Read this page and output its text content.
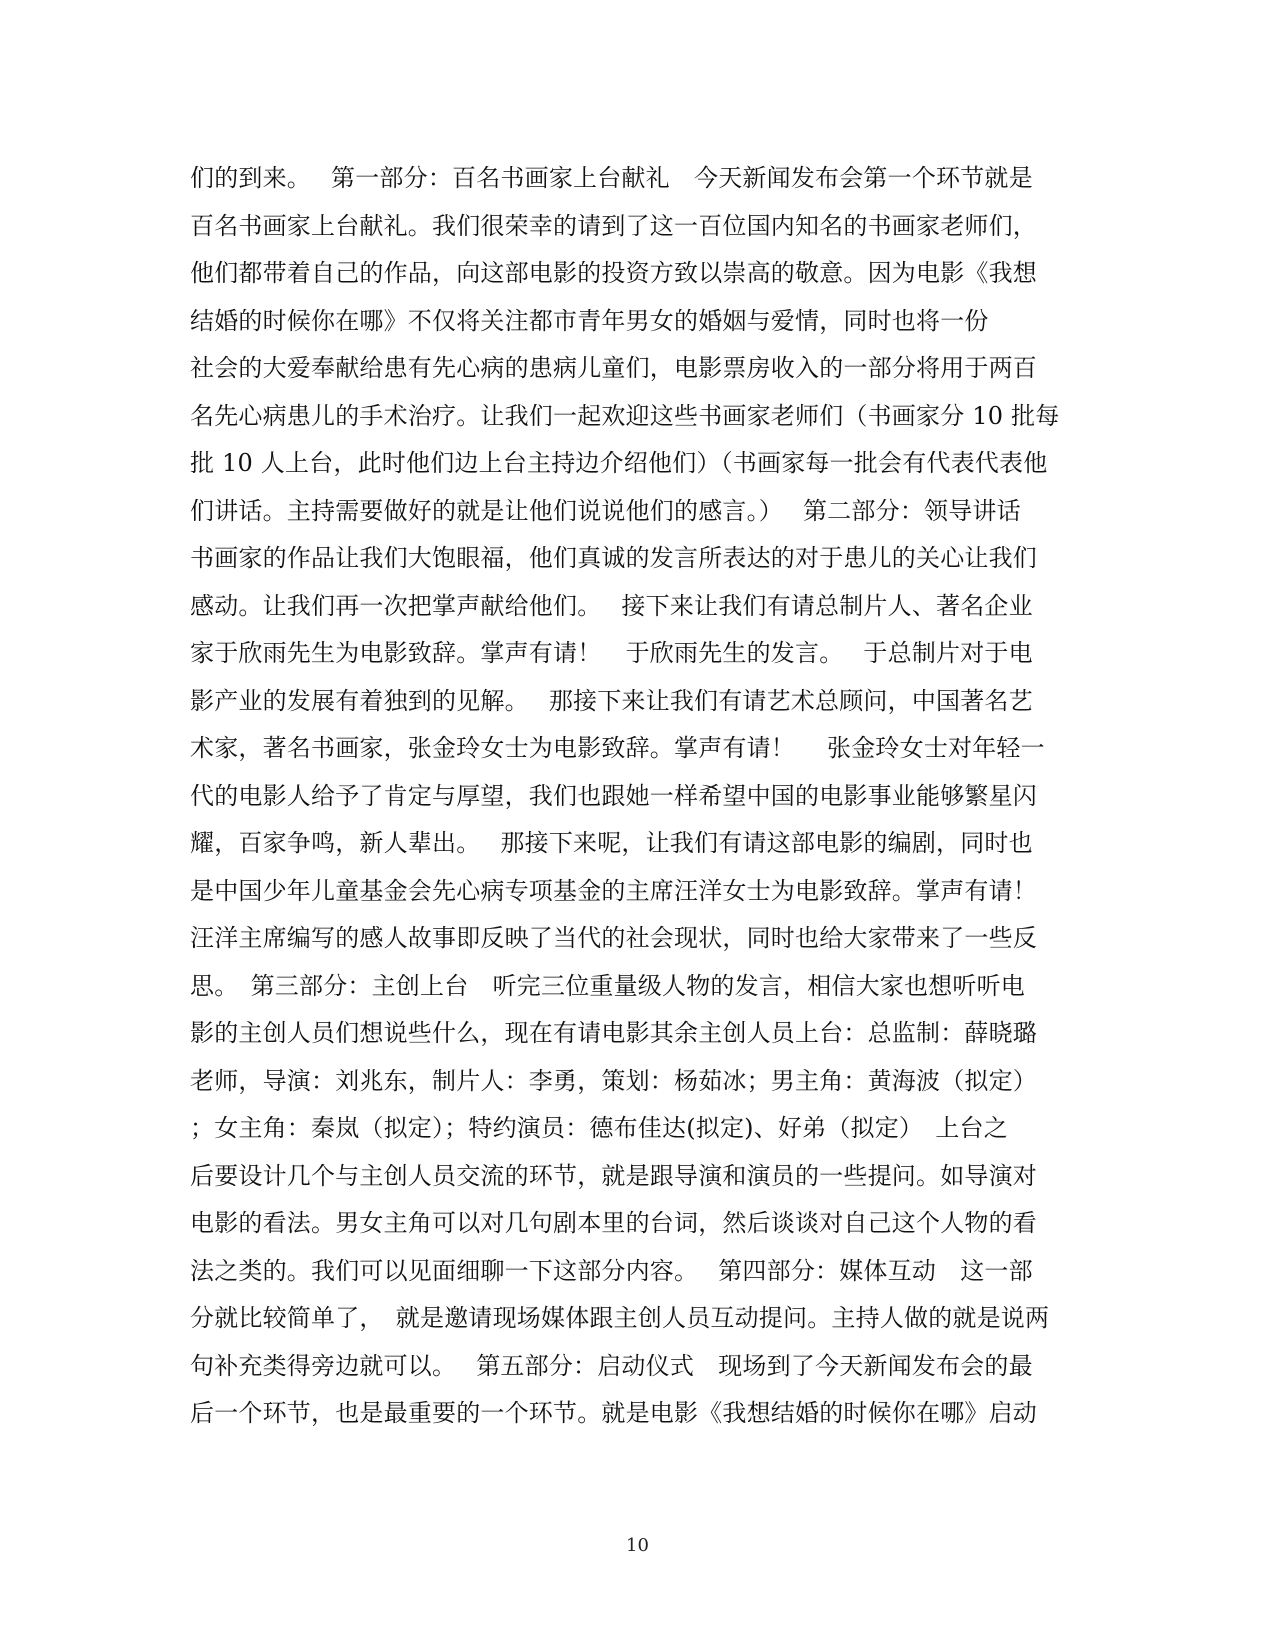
们的到来。　 第一部分：百名书画家上台献礼　今天新闻发布会第一个环节就是
百名书画家上台献礼。我们很荣幸的请到了这一百位国内知名的书画家老师们，
他们都带着自己的作品，向这部电影的投资方致以崇高的敬意。因为电影《我想
结婚的时候你在哪》不仅将关注都市青年男女的婚姻与爱情，同时也将一份
社会的大爱奉献给患有先心病的患病儿童们，电影票房收入的一部分将用于两百
名先心病患儿的手术治疗。让我们一起欢迎这些书画家老师们（书画家分 10 批每
批 10 人上台，此时他们边上台主持边介绍他们）（书画家每一批会有代表代表他
们讲话。主持需要做好的就是让他们说说他们的感言。）　 第二部分：领导讲话
书画家的作品让我们大饱眼福，他们真诚的发言所表达的对于患儿的关心让我们
感动。让我们再一次把掌声献给他们。　 接下来让我们有请总制片人、著名企业
家于欣雨先生为电影致辞。掌声有请！　于欣雨先生的发言。　 于总制片对于电
影产业的发展有着独到的见解。　 那接下来让我们有请艺术总顾问，中国著名艺
术家，著名书画家，张金玲女士为电影致辞。掌声有请！　 张金玲女士对年轻一
代的电影人给予了肯定与厚望，我们也跟她一样希望中国的电影事业能够繁星闪
耀，百家争鸣，新人辈出。　 那接下来呢，让我们有请这部电影的编剧，同时也
是中国少年儿童基金会先心病专项基金的主席汪洋女士为电影致辞。掌声有请！
汪洋主席编写的感人故事即反映了当代的社会现状，同时也给大家带来了一些反
思。　第三部分：主创上台　听完三位重量级人物的发言，相信大家也想听听电
影的主创人员们想说些什么，现在有请电影其余主创人员上台：总监制：薛晓璐
老师，导演：刘兆东，制片人：李勇，策划：杨茹冰；男主角：黄海波（拟定）
；女主角：秦岚（拟定）；特约演员：德布佳达(拟定)、好弟（拟定）　上台之
后要设计几个与主创人员交流的环节，就是跟导演和演员的一些提问。如导演对
电影的看法。男女主角可以对几句剧本里的台词，然后谈谈对自己这个人物的看
法之类的。我们可以见面细聊一下这部分内容。　 第四部分：媒体互动　这一部
分就比较简单了，　就是邀请现场媒体跟主创人员互动提问。主持人做的就是说两
句补充类得旁边就可以。　 第五部分：启动仪式　现场到了今天新闻发布会的最
后一个环节，也是最重要的一个环节。就是电影《我想结婚的时候你在哪》启动
10
